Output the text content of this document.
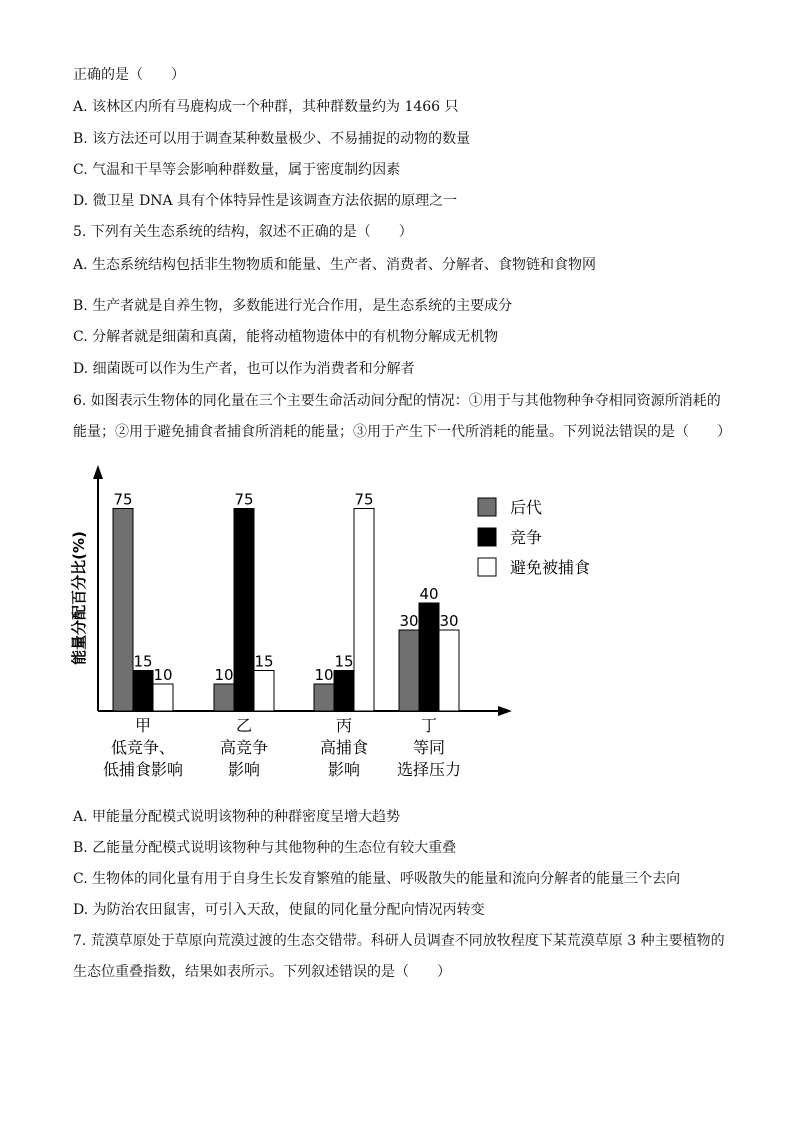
正确的是（　　）
A. 该林区内所有马鹿构成一个种群，其种群数量约为 1466 只
B. 该方法还可以用于调查某种数量极少、不易捕捉的动物的数量
C. 气温和干旱等会影响种群数量，属于密度制约因素
D. 微卫星 DNA 具有个体特异性是该调查方法依据的原理之一
5. 下列有关生态系统的结构，叙述不正确的是（　　）
A. 生态系统结构包括非生物物质和能量、生产者、消费者、分解者、食物链和食物网
B. 生产者就是自养生物，多数能进行光合作用，是生态系统的主要成分
C. 分解者就是细菌和真菌，能将动植物遗体中的有机物分解成无机物
D. 细菌既可以作为生产者，也可以作为消费者和分解者
6. 如图表示生物体的同化量在三个主要生命活动间分配的情况：①用于与其他物种争夺相同资源所消耗的
能量；②用于避免捕食者捕食所消耗的能量；③用于产生下一代所消耗的能量。下列说法错误的是（　　）
能量分配百分比(%)
75
10	10
30
15
75
15
40
10
15
75
30
甲
低竞争、
低捕食影响
乙
高竞争
影响
丙
高捕食
影响
丁
等同
选择压力
后代
竞争
避免被捕食
A. 甲能量分配模式说明该物种的种群密度呈增大趋势
B. 乙能量分配模式说明该物种与其他物种的生态位有较大重叠
C. 生物体的同化量有用于自身生长发育繁殖的能量、呼吸散失的能量和流向分解者的能量三个去向
D. 为防治农田鼠害，可引入天敌，使鼠的同化量分配向情况丙转变
7. 荒漠草原处于草原向荒漠过渡的生态交错带。科研人员调查不同放牧程度下某荒漠草原 3 种主要植物的
生态位重叠指数，结果如表所示。下列叙述错误的是（　　）
